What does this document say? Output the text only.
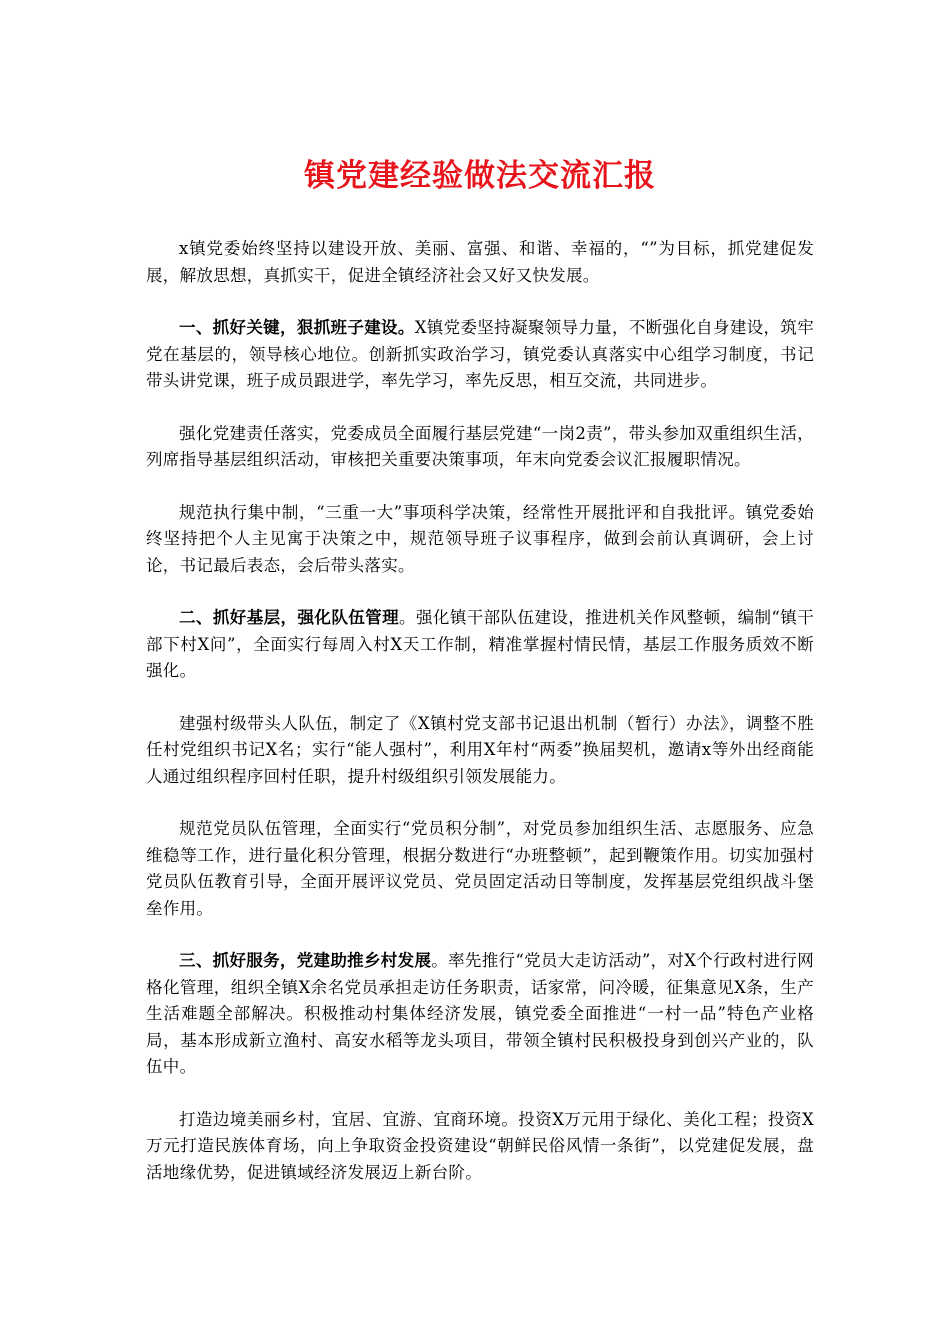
镇党建经验做法交流汇报

x镇党委始终坚持以建设开放、美丽、富强、和谐、幸福的，“”为目标，抓党建促发展，解放思想，真抓实干，促进全镇经济社会又好又快发展。

一、抓好关键，狠抓班子建设。X镇党委坚持凝聚领导力量，不断强化自身建设，筑牢党在基层的，领导核心地位。创新抓实政治学习，镇党委认真落实中心组学习制度，书记带头讲党课，班子成员跟进学，率先学习，率先反思，相互交流，共同进步。

强化党建责任落实，党委成员全面履行基层党建“一岗2责”，带头参加双重组织生活，列席指导基层组织活动，审核把关重要决策事项，年末向党委会议汇报履职情况。

规范执行集中制，“三重一大”事项科学决策，经常性开展批评和自我批评。镇党委始终坚持把个人主见寓于决策之中，规范领导班子议事程序，做到会前认真调研，会上讨论，书记最后表态，会后带头落实。

二、抓好基层，强化队伍管理。强化镇干部队伍建设，推进机关作风整顿，编制“镇干部下村X问”，全面实行每周入村X天工作制，精准掌握村情民情，基层工作服务质效不断强化。

建强村级带头人队伍，制定了《X镇村党支部书记退出机制（暂行）办法》，调整不胜任村党组织书记X名；实行“能人强村”，利用X年村“两委”换届契机，邀请x等外出经商能人通过组织程序回村任职，提升村级组织引领发展能力。

规范党员队伍管理，全面实行“党员积分制”，对党员参加组织生活、志愿服务、应急维稳等工作，进行量化积分管理，根据分数进行“办班整顿”，起到鞭策作用。切实加强村党员队伍教育引导，全面开展评议党员、党员固定活动日等制度，发挥基层党组织战斗堡垒作用。

三、抓好服务，党建助推乡村发展。率先推行“党员大走访活动”，对X个行政村进行网格化管理，组织全镇X余名党员承担走访任务职责，话家常，问冷暖，征集意见X条，生产生活难题全部解决。积极推动村集体经济发展，镇党委全面推进“一村一品”特色产业格局，基本形成新立渔村、高安水稻等龙头项目，带领全镇村民积极投身到创兴产业的，队伍中。

打造边境美丽乡村，宜居、宜游、宜商环境。投资X万元用于绿化、美化工程；投资X万元打造民族体育场，向上争取资金投资建设“朝鲜民俗风情一条街”，以党建促发展，盘活地缘优势，促进镇域经济发展迈上新台阶。
